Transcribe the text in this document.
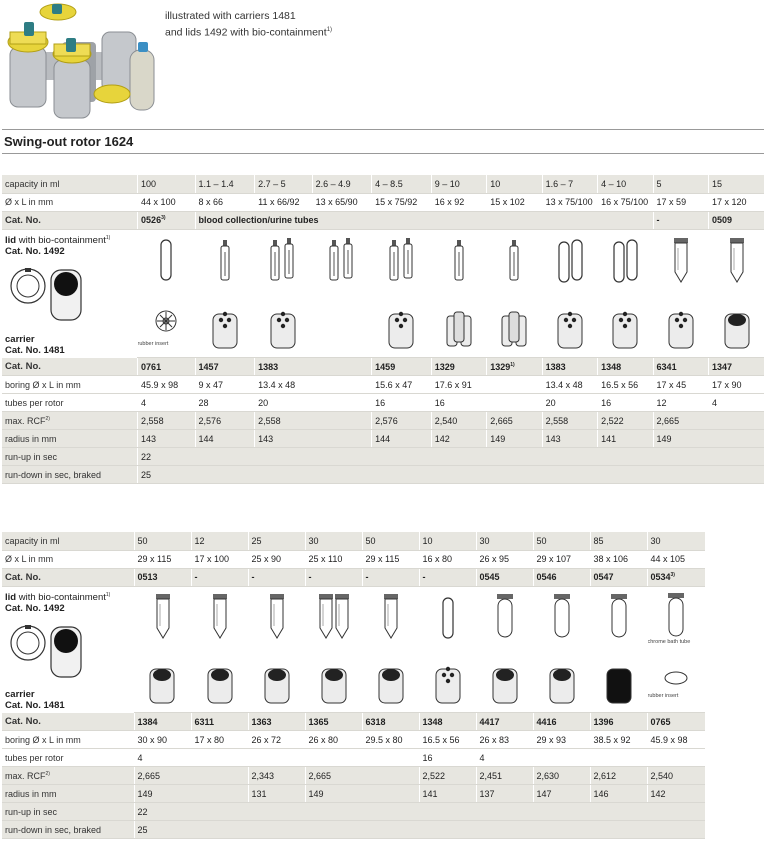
illustrated with carriers 1481
and lids 1492 with bio-containment$^{1)}$
Swing-out rotor 1624
capacity in ml	100	1.1 – 1.4	2.7 – 5	2.6 – 4.9	4 – 8.5	9 – 10	10	1.6 – 7	4 – 10	5	15
Ø x L in mm	44 x 100	8 x 66	11 x 66/92	13 x 65/90	15 x 75/92	16 x 92	15 x 102	13 x 75/100	16 x 75/100	17 x 59	17 x 120
Cat. No.	0526$^{3)}$	blood collection/urine tubes								-	0509

lid with bio-containment$^{1)}$
Cat. No. 1492
carrier
Cat. No. 1481

	rubber insert

Cat. No.	0761	1457	1383		1459	1329	1329$^{1)}$	1383	1348	6341	1347
boring Ø x L in mm	45.9 x 98	9 x 47	13.4 x 48		15.6 x 47	17.6 x 91		13.4 x 48	16.5 x 56	17 x 45	17 x 90
tubes per rotor	4	28	20		16	16		20	16	12	4
max. RCF$^{2)}$	2,558	2,576	2,558		2,576	2,540	2,665	2,558	2,522	2,665	
radius in mm	143	144	143		144	142	149	143	141	149	
run-up in sec	22										
run-down in sec, braked	25										
capacity in ml	50	12	25	30	50	10	30	50	85	30
Ø x L in mm	29 x 115	17 x 100	25 x 90	25 x 110	29 x 115	16 x 80	26 x 95	29 x 107	38 x 106	44 x 105
Cat. No.	0513	-	-	-	-	-	0545	0546	0547	0534$^{3)}$

lid with bio-containment$^{1)}$
Cat. No. 1492
carrier
Cat. No. 1481										chrome bath tube

rubber insert

Cat. No.	1384	6311	1363	1365	6318	1348	4417	4416	1396	0765
boring Ø x L in mm	30 x 90	17 x 80	26 x 72	26 x 80	29.5 x 80	16.5 x 56	26 x 83	29 x 93	38.5 x 92	45.9 x 98
tubes per rotor	4					16	4			
max. RCF$^{2)}$	2,665		2,343	2,665		2,522	2,451	2,630	2,612	2,540
radius in mm	149		131	149		141	137	147	146	142
run-up in sec	22									
run-down in sec, braked	25									
